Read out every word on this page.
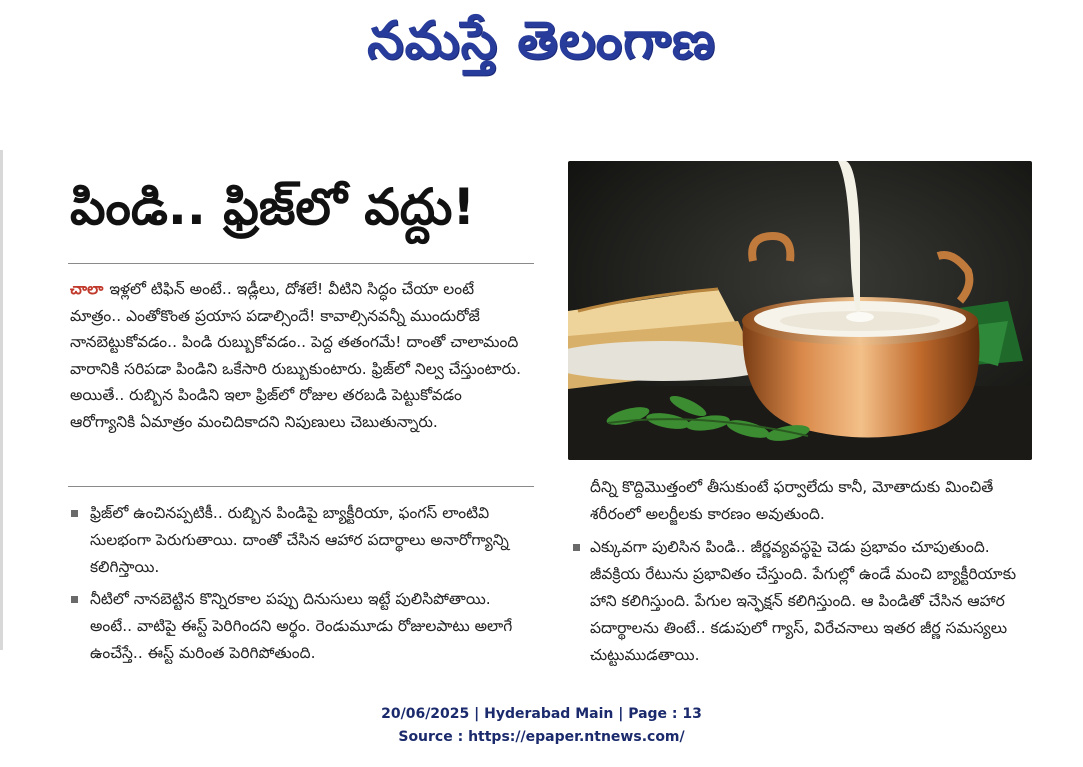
నమస్తే తెలంగాణ
పిండి.. ఫ్రిజ్‌లో వద్దు!
చాలా ఇళ్లలో టిఫిన్ అంటే.. ఇడ్లీలు, దోశలే! వీటిని సిద్ధం చేయా లంటే మాత్రం.. ఎంతోకొంత ప్రయాస పడాల్సిందే! కావాల్సినవన్నీ ముందురోజే నానబెట్టుకోవడం.. పిండి రుబ్బుకోవడం.. పెద్ద తతంగమే! దాంతో చాలామంది వారానికి సరిపడా పిండిని ఒకేసారి రుబ్బుకుంటారు. ఫ్రిజ్‌లో నిల్వ చేస్తుంటారు. అయితే.. రుబ్బిన పిండిని ఇలా ఫ్రిజ్‌లో రోజుల తరబడి పెట్టుకోవడం ఆరోగ్యానికి ఏమాత్రం మంచిదికాదని నిపుణులు చెబుతున్నారు.
ఫ్రిజ్‌లో ఉంచినప్పటికీ.. రుబ్బిన పిండిపై బ్యాక్టీరియా, ఫంగస్ లాంటివి సులభంగా పెరుగుతాయి. దాంతో చేసిన ఆహార పదార్థాలు అనారోగ్యాన్ని కలిగిస్తాయి.
నీటిలో నానబెట్టిన కొన్నిరకాల పప్పు దినుసులు ఇట్టే పులిసిపోతాయి. అంటే.. వాటిపై ఈస్ట్ పెరిగిందని అర్థం. రెండుమూడు రోజులపాటు అలాగే ఉంచేస్తే.. ఈస్ట్ మరింత పెరిగిపోతుంది.

దీన్ని కొద్దిమొత్తంలో తీసుకుంటే ఫర్వాలేదు కానీ, మోతాదుకు మించితే శరీరంలో అలర్జీలకు కారణం అవుతుంది.

ఎక్కువగా పులిసిన పిండి.. జీర్ణవ్యవస్థపై చెడు ప్రభావం చూపుతుంది. జీవక్రియ రేటును ప్రభావితం చేస్తుంది. పేగుల్లో ఉండే మంచి బ్యాక్టీరియాకు హాని కలిగిస్తుంది. పేగుల ఇన్ఫెక్షన్ కలిగిస్తుంది. ఆ పిండితో చేసిన ఆహార పదార్థాలను తింటే.. కడుపులో గ్యాస్, విరేచనాలు ఇతర జీర్ణ సమస్యలు చుట్టుముడతాయి.
20/06/2025 | Hyderabad Main | Page : 13
Source : https://epaper.ntnews.com/
